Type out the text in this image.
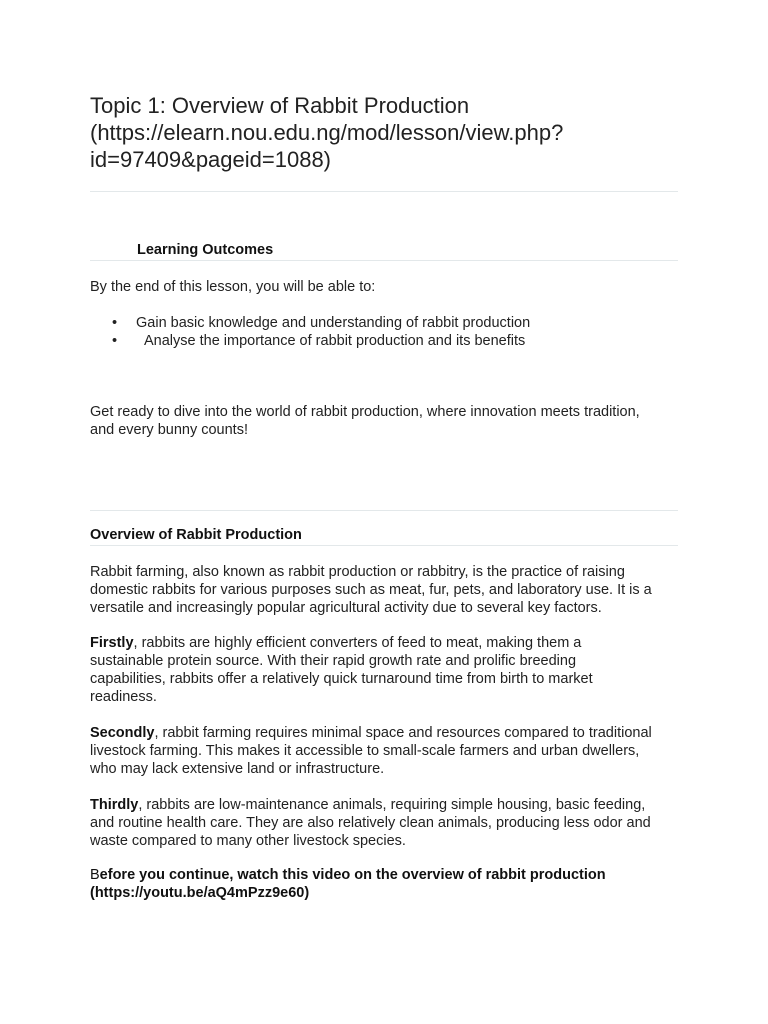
Topic 1: Overview of Rabbit Production
(https://elearn.nou.edu.ng/mod/lesson/view.php?
id=97409&pageid=1088)
Learning Outcomes

By the end of this lesson, you will be able to:

• Gain basic knowledge and understanding of rabbit production
• Analyse the importance of rabbit production and its benefits

Get ready to dive into the world of rabbit production, where innovation meets tradition,
and every bunny counts!

Overview of Rabbit Production

Rabbit farming, also known as rabbit production or rabbitry, is the practice of raising
domestic rabbits for various purposes such as meat, fur, pets, and laboratory use. It is a
versatile and increasingly popular agricultural activity due to several key factors.

Firstly, rabbits are highly efficient converters of feed to meat, making them a
sustainable protein source. With their rapid growth rate and prolific breeding
capabilities, rabbits offer a relatively quick turnaround time from birth to market
readiness.

Secondly, rabbit farming requires minimal space and resources compared to traditional
livestock farming. This makes it accessible to small-scale farmers and urban dwellers,
who may lack extensive land or infrastructure.

Thirdly, rabbits are low-maintenance animals, requiring simple housing, basic feeding,
and routine health care. They are also relatively clean animals, producing less odor and
waste compared to many other livestock species.

Before you continue, watch this video on the overview of rabbit production
(https://youtu.be/aQ4mPzz9e60)
